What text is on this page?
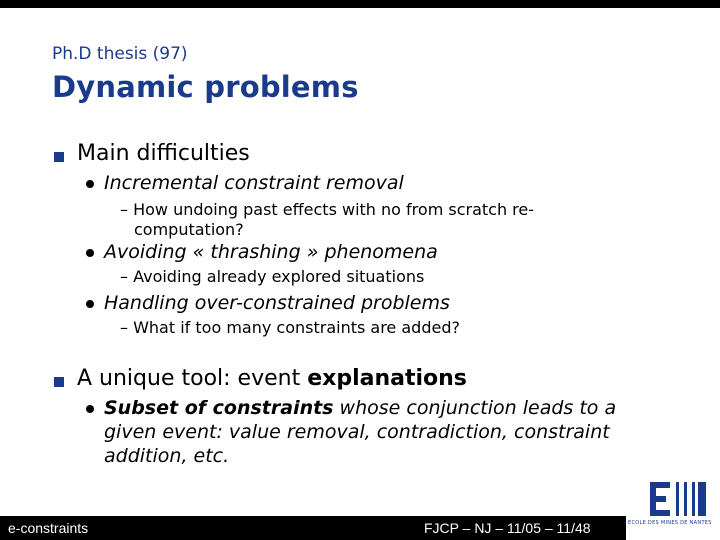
Ph.D thesis (97)
Dynamic problems
Main difficulties
Incremental constraint removal
– How undoing past effects with no from scratch re-
computation?
Avoiding « thrashing » phenomena
– Avoiding already explored situations
Handling over-constrained problems
– What if too many constraints are added?
A unique tool: event explanations
Subset of constraints whose conjunction leads to a
given event: value removal, contradiction, constraint
addition, etc.
e-constraints	FJCP – NJ – 11/05 – 11/48	ECOLE DES MINES DE NANTES
